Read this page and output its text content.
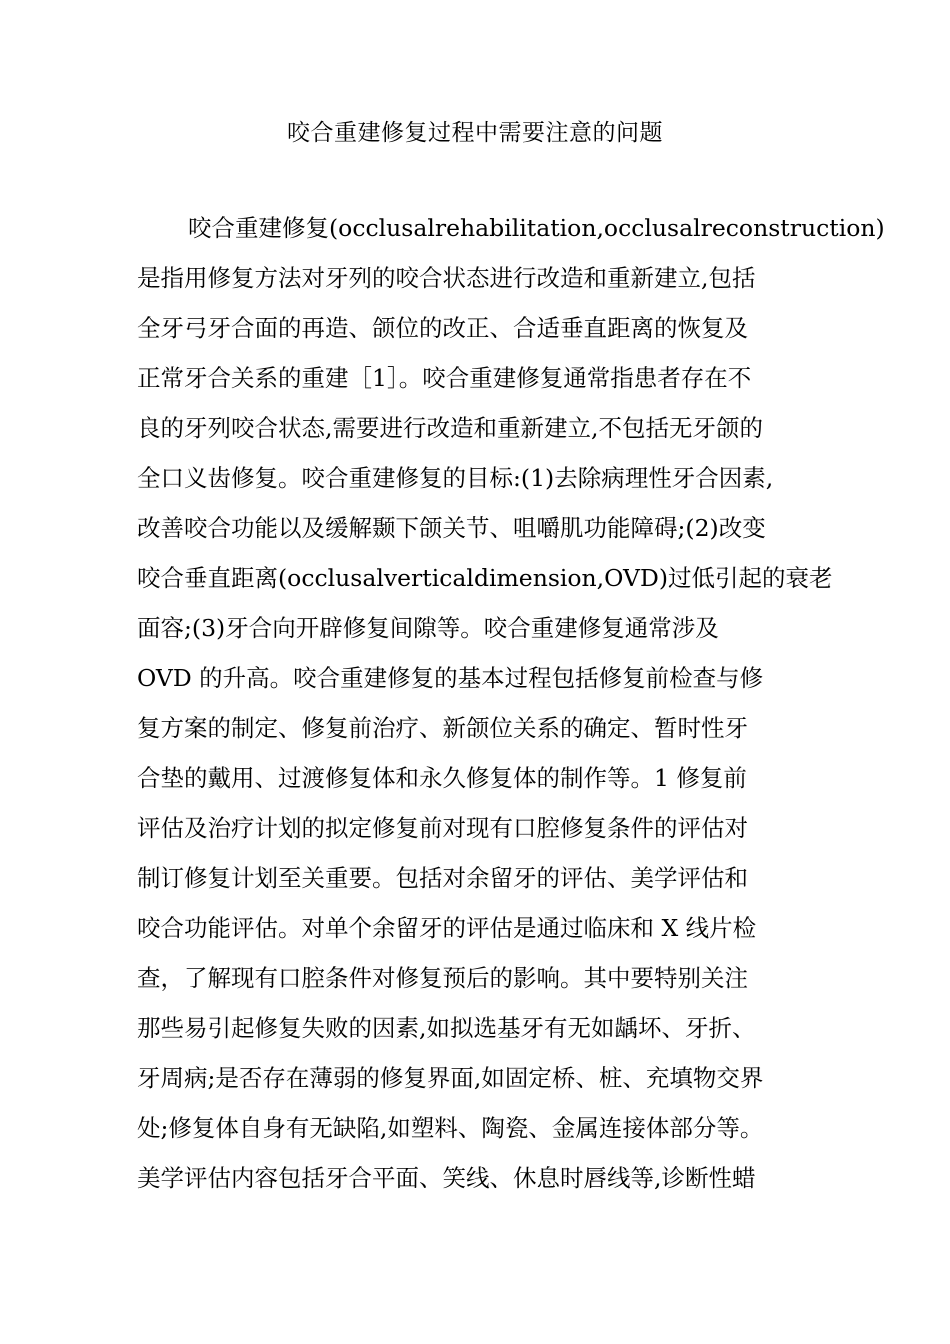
咬合重建修复过程中需要注意的问题
咬合重建修复(occlusalrehabilitation,occlusalreconstruction)
是指用修复方法对牙列的咬合状态进行改造和重新建立,包括
全牙弓牙合面的再造、颌位的改正、合适垂直距离的恢复及
正常牙合关系的重建［1］。咬合重建修复通常指患者存在不
良的牙列咬合状态,需要进行改造和重新建立,不包括无牙颌的
全口义齿修复。咬合重建修复的目标:(1)去除病理性牙合因素,
改善咬合功能以及缓解颞下颌关节、咀嚼肌功能障碍;(2)改变
咬合垂直距离(occlusalverticaldimension,OVD)过低引起的衰老
面容;(3)牙合向开辟修复间隙等。咬合重建修复通常涉及
OVD 的升高。咬合重建修复的基本过程包括修复前检查与修
复方案的制定、修复前治疗、新颌位关系的确定、暂时性牙
合垫的戴用、过渡修复体和永久修复体的制作等。1 修复前
评估及治疗计划的拟定修复前对现有口腔修复条件的评估对
制订修复计划至关重要。包括对余留牙的评估、美学评估和
咬合功能评估。对单个余留牙的评估是通过临床和 X 线片检
查，了解现有口腔条件对修复预后的影响。其中要特别关注
那些易引起修复失败的因素,如拟选基牙有无如龋坏、牙折、
牙周病;是否存在薄弱的修复界面,如固定桥、桩、充填物交界
处;修复体自身有无缺陷,如塑料、陶瓷、金属连接体部分等。
美学评估内容包括牙合平面、笑线、休息时唇线等,诊断性蜡
